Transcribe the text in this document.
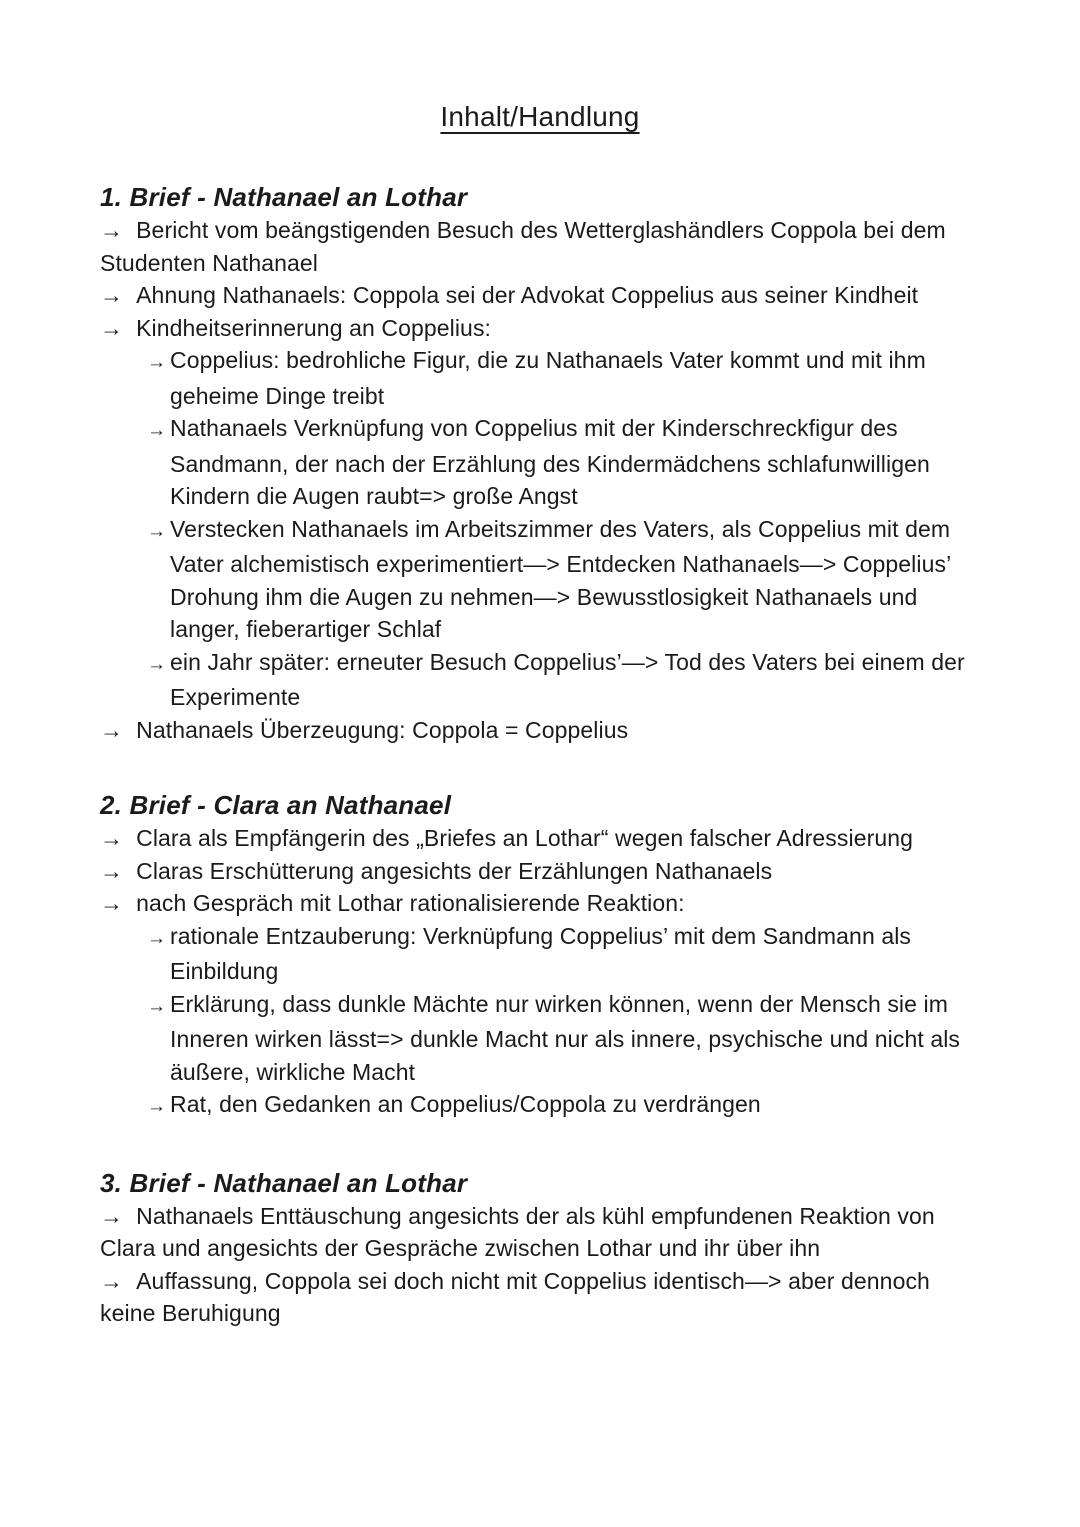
Inhalt/Handlung
1. Brief - Nathanael an Lothar

→ Bericht vom beängstigenden Besuch des Wetterglashändlers Coppola bei dem Studenten Nathanael

→ Ahnung Nathanaels: Coppola sei der Advokat Coppelius aus seiner Kindheit

→ Kindheitserinnerung an Coppelius:

→ Coppelius: bedrohliche Figur, die zu Nathanaels Vater kommt und mit ihm geheime Dinge treibt

→ Nathanaels Verknüpfung von Coppelius mit der Kinderschreckfigur des Sandmann, der nach der Erzählung des Kindermädchens schlafunwilligen Kindern die Augen raubt=> große Angst

→ Verstecken Nathanaels im Arbeitszimmer des Vaters, als Coppelius mit dem Vater alchemistisch experimentiert—> Entdecken Nathanaels—> Coppelius’ Drohung ihm die Augen zu nehmen—> Bewusstlosigkeit Nathanaels und langer, fieberartiger Schlaf

→ ein Jahr später: erneuter Besuch Coppelius’—> Tod des Vaters bei einem der Experimente

→ Nathanaels Überzeugung: Coppola = Coppelius

2. Brief - Clara an Nathanael

→ Clara als Empfängerin des „Briefes an Lothar“ wegen falscher Adressierung

→ Claras Erschütterung angesichts der Erzählungen Nathanaels

→ nach Gespräch mit Lothar rationalisierende Reaktion:

→ rationale Entzauberung: Verknüpfung Coppelius’ mit dem Sandmann als Einbildung

→ Erklärung, dass dunkle Mächte nur wirken können, wenn der Mensch sie im Inneren wirken lässt=> dunkle Macht nur als innere, psychische und nicht als äußere, wirkliche Macht

→ Rat, den Gedanken an Coppelius/Coppola zu verdrängen

3. Brief - Nathanael an Lothar

→ Nathanaels Enttäuschung angesichts der als kühl empfundenen Reaktion von Clara und angesichts der Gespräche zwischen Lothar und ihr über ihn

→ Auffassung, Coppola sei doch nicht mit Coppelius identisch—> aber dennoch keine Beruhigung
